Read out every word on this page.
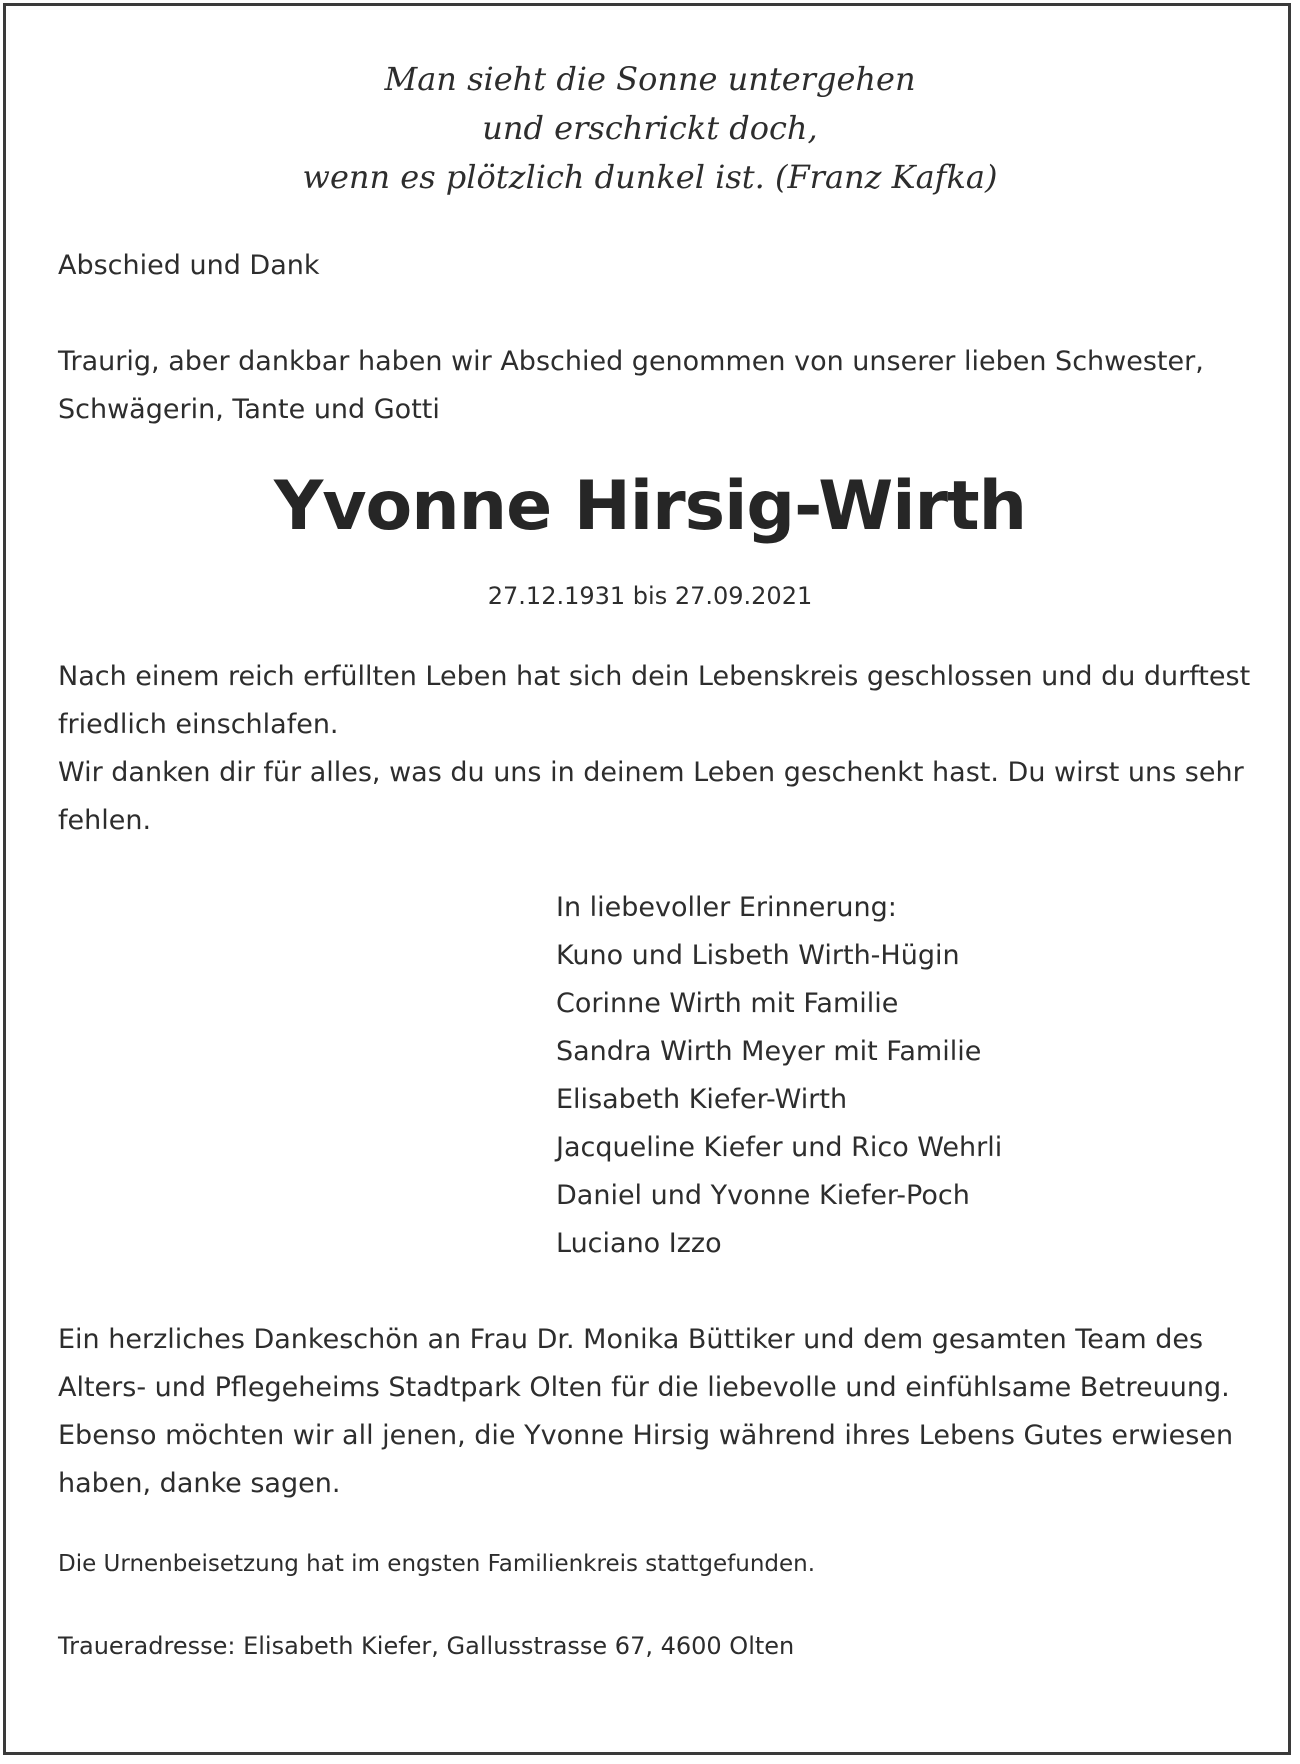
Man sieht die Sonne untergehen
und erschrickt doch,
wenn es plötzlich dunkel ist. (Franz Kafka)
Abschied und Dank
Traurig, aber dankbar haben wir Abschied genommen von unserer lieben Schwester,
Schwägerin, Tante und Gotti
Yvonne Hirsig-Wirth
27.12.1931 bis 27.09.2021
Nach einem reich erfüllten Leben hat sich dein Lebenskreis geschlossen und du durftest
friedlich einschlafen.
Wir danken dir für alles, was du uns in deinem Leben geschenkt hast. Du wirst uns sehr
fehlen.
In liebevoller Erinnerung:
Kuno und Lisbeth Wirth-Hügin
Corinne Wirth mit Familie
Sandra Wirth Meyer mit Familie
Elisabeth Kiefer-Wirth
Jacqueline Kiefer und Rico Wehrli
Daniel und Yvonne Kiefer-Poch
Luciano Izzo
Ein herzliches Dankeschön an Frau Dr. Monika Büttiker und dem gesamten Team des
Alters- und Pflegeheims Stadtpark Olten für die liebevolle und einfühlsame Betreuung.
Ebenso möchten wir all jenen, die Yvonne Hirsig während ihres Lebens Gutes erwiesen
haben, danke sagen.
Die Urnenbeisetzung hat im engsten Familienkreis stattgefunden.
Traueradresse: Elisabeth Kiefer, Gallusstrasse 67, 4600 Olten
